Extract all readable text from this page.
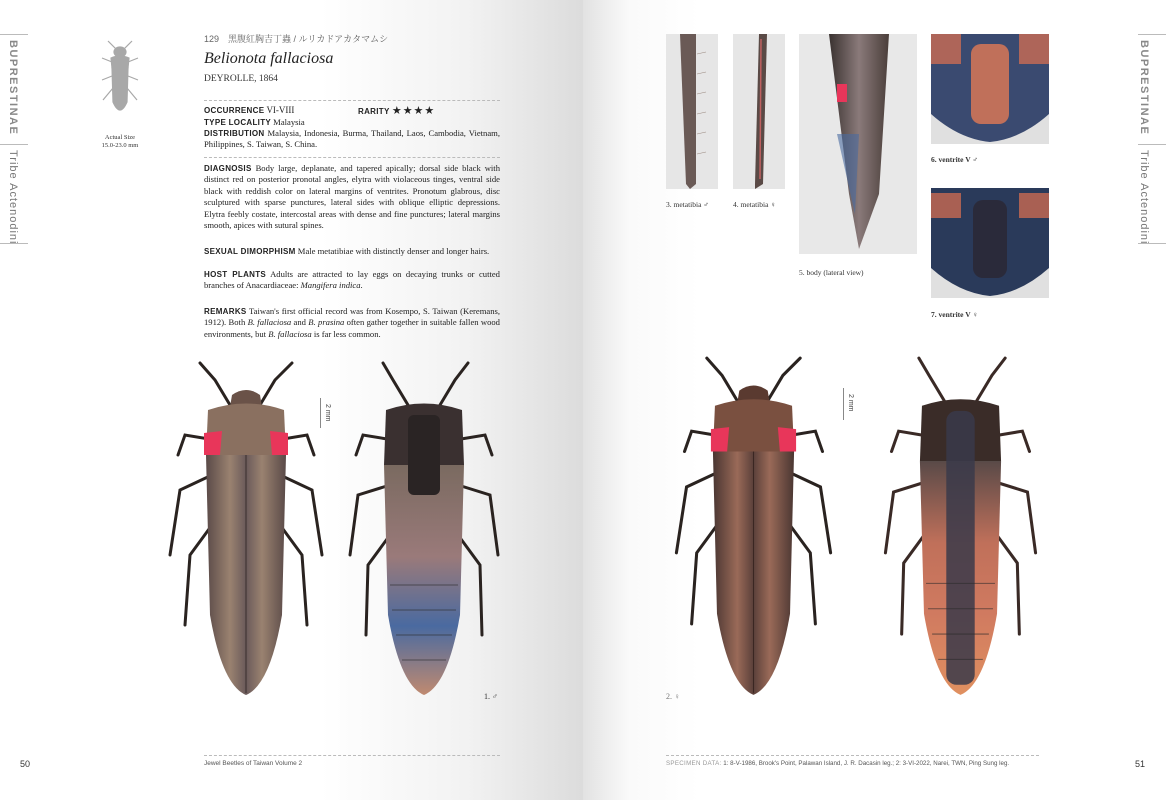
BUPRESTINAE
Tribe Actenodini
Actual Size
15.0-23.0 mm
129　黑腹紅胸吉丁蟲 / ルリカドアカタマムシ
Belionota fallaciosa
DEYROLLE, 1864
OCCURRENCE VI-VIII	RARITY ★★★★
TYPE LOCALITY Malaysia
DISTRIBUTION Malaysia, Indonesia, Burma, Thailand, Laos, Cambodia, Vietnam, Philippines, S. Taiwan, S. China.
DIAGNOSIS Body large, deplanate, and tapered apically; dorsal side black with distinct red on posterior pronotal angles, elytra with violaceous tinges, ventral side black with reddish color on lateral margins of ventrites. Pronotum glabrous, disc sculptured with sparse punctures, lateral sides with oblique elliptic depressions. Elytra feebly costate, intercostal areas with dense and fine punctures; lateral margins smooth, apices with sutural spines.
SEXUAL DIMORPHISM Male metatibiae with distinctly denser and longer hairs.
HOST PLANTS Adults are attracted to lay eggs on decaying trunks or cutted branches of Anacardiaceae: Mangifera indica.
REMARKS Taiwan's first official record was from Kosempo, S. Taiwan (Keremans, 1912). Both B. fallaciosa and B. prasina often gather together in suitable fallen wood environments, but B. fallaciosa is far less common.
2 mm
1. ♂
50	Jewel Beetles of Taiwan Volume 2
BUPRESTINAE
Tribe Actenodini
3. metatibia ♂	4. metatibia ♀
5. body (lateral view)
6. ventrite V ♂
7. ventrite V ♀
2 mm
2. ♀
SPECIMEN DATA: 1: 8-V-1986, Brook's Point, Palawan Island, J. R. Dacasin leg.; 2: 3-VI-2022, Narei, TWN, Ping Sung leg.	51
